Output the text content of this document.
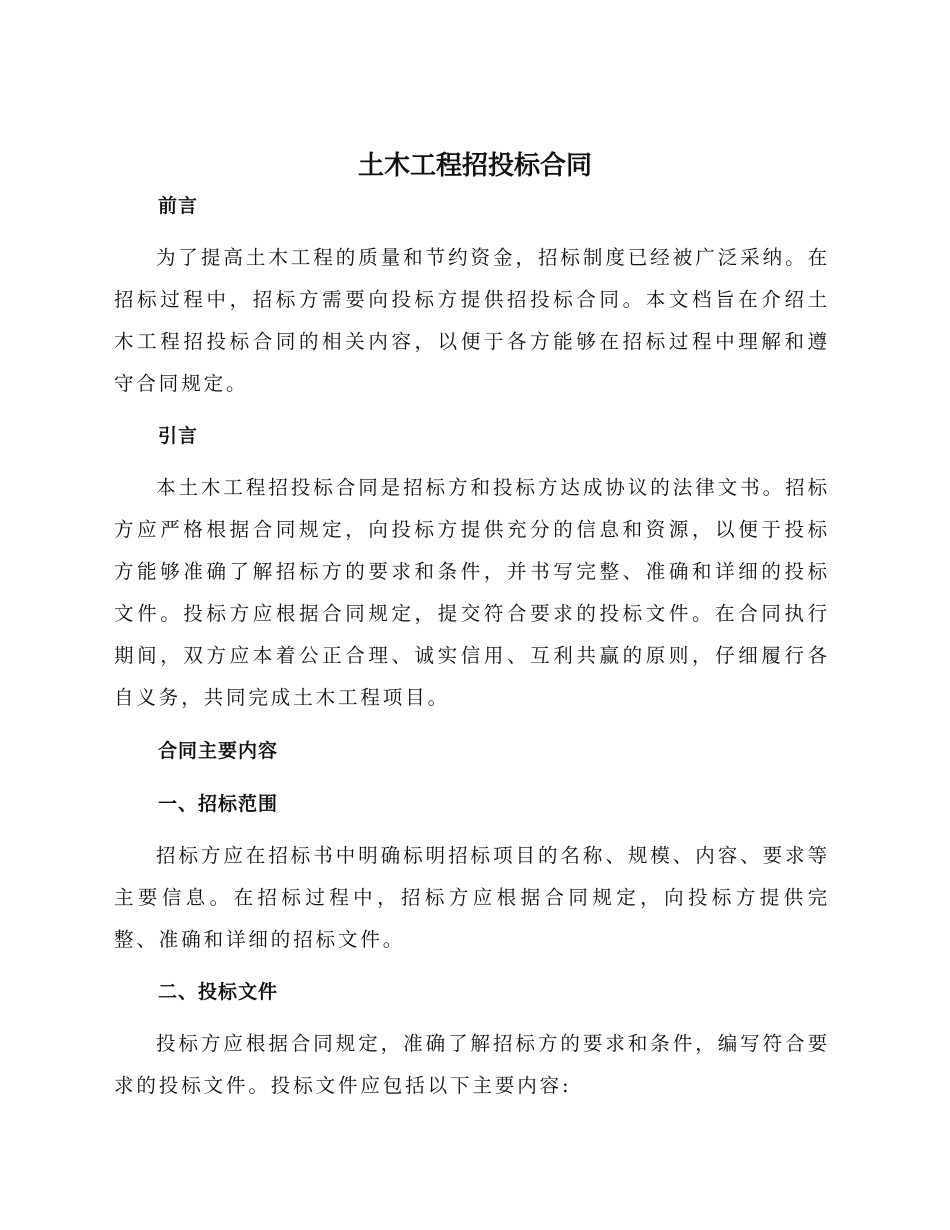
土木工程招投标合同
前言

为了提高土木工程的质量和节约资金，招标制度已经被广泛采纳。在招标过程中，招标方需要向投标方提供招投标合同。本文档旨在介绍土木工程招投标合同的相关内容，以便于各方能够在招标过程中理解和遵守合同规定。

引言

本土木工程招投标合同是招标方和投标方达成协议的法律文书。招标方应严格根据合同规定，向投标方提供充分的信息和资源，以便于投标方能够准确了解招标方的要求和条件，并书写完整、准确和详细的投标文件。投标方应根据合同规定，提交符合要求的投标文件。在合同执行期间，双方应本着公正合理、诚实信用、互利共赢的原则，仔细履行各自义务，共同完成土木工程项目。

合同主要内容
一、招标范围

招标方应在招标书中明确标明招标项目的名称、规模、内容、要求等主要信息。在招标过程中，招标方应根据合同规定，向投标方提供完整、准确和详细的招标文件。

二、投标文件

投标方应根据合同规定，准确了解招标方的要求和条件，编写符合要求的投标文件。投标文件应包括以下主要内容:
